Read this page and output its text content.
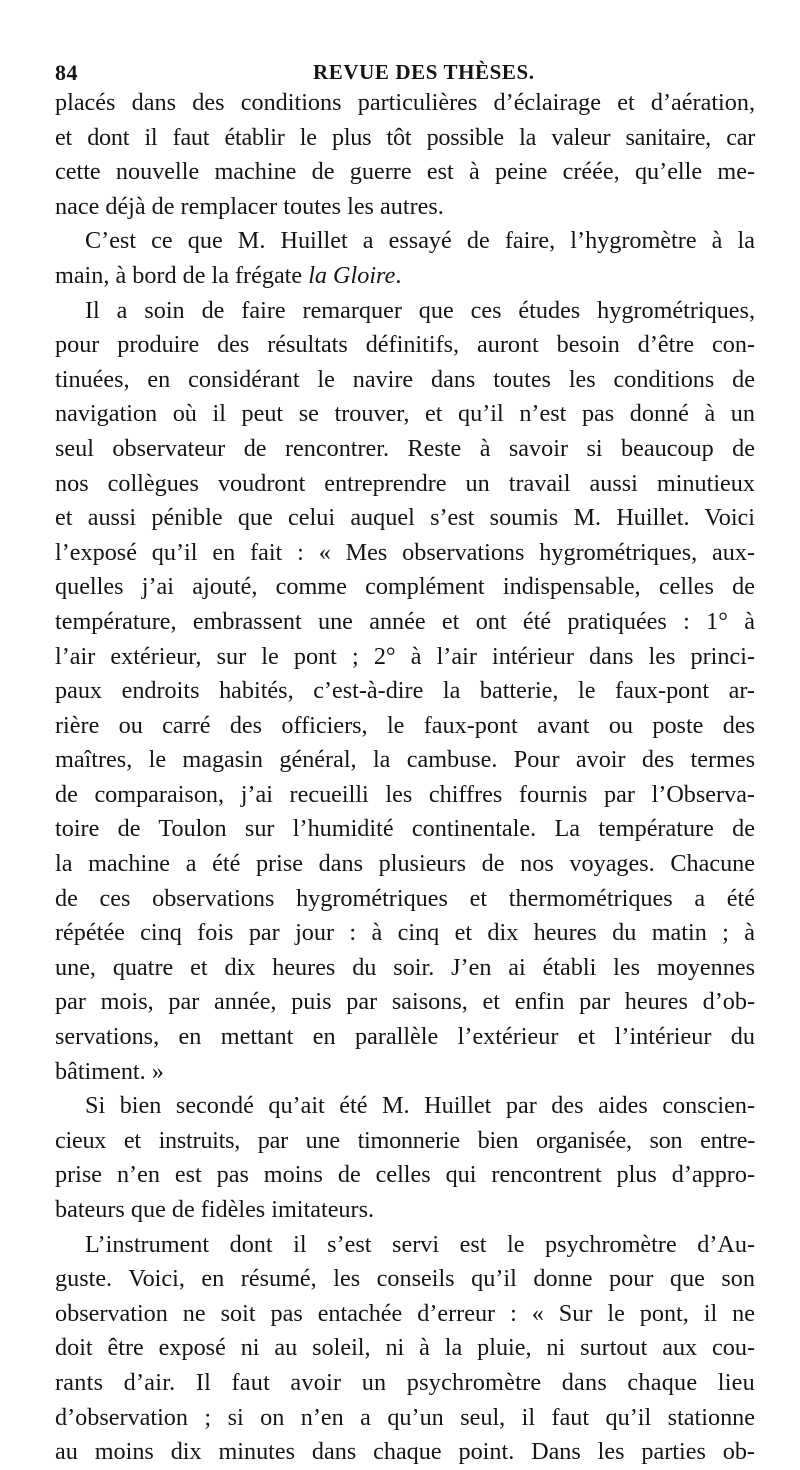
84	REVUE DES THÈSES.
placés dans des conditions particulières d’éclairage et d’aération,
et dont il faut établir le plus tôt possible la valeur sanitaire, car
cette nouvelle machine de guerre est à peine créée, qu’elle me-
nace déjà de remplacer toutes les autres.
C’est ce que M. Huillet a essayé de faire, l’hygromètre à la
main, à bord de la frégate la Gloire.
Il a soin de faire remarquer que ces études hygrométriques,
pour produire des résultats définitifs, auront besoin d’être con-
tinuées, en considérant le navire dans toutes les conditions de
navigation où il peut se trouver, et qu’il n’est pas donné à un
seul observateur de rencontrer. Reste à savoir si beaucoup de
nos collègues voudront entreprendre un travail aussi minutieux
et aussi pénible que celui auquel s’est soumis M. Huillet. Voici
l’exposé qu’il en fait : « Mes observations hygrométriques, aux-
quelles j’ai ajouté, comme complément indispensable, celles de
température, embrassent une année et ont été pratiquées : 1° à
l’air extérieur, sur le pont ; 2° à l’air intérieur dans les princi-
paux endroits habités, c’est-à-dire la batterie, le faux-pont ar-
rière ou carré des officiers, le faux-pont avant ou poste des
maîtres, le magasin général, la cambuse. Pour avoir des termes
de comparaison, j’ai recueilli les chiffres fournis par l’Observa-
toire de Toulon sur l’humidité continentale. La température de
la machine a été prise dans plusieurs de nos voyages. Chacune
de ces observations hygrométriques et thermométriques a été
répétée cinq fois par jour : à cinq et dix heures du matin ; à
une, quatre et dix heures du soir. J’en ai établi les moyennes
par mois, par année, puis par saisons, et enfin par heures d’ob-
servations, en mettant en parallèle l’extérieur et l’intérieur du
bâtiment. »
Si bien secondé qu’ait été M. Huillet par des aides conscien-
cieux et instruits, par une timonnerie bien organisée, son entre-
prise n’en est pas moins de celles qui rencontrent plus d’appro-
bateurs que de fidèles imitateurs.
L’instrument dont il s’est servi est le psychromètre d’Au-
guste. Voici, en résumé, les conseils qu’il donne pour que son
observation ne soit pas entachée d’erreur : « Sur le pont, il ne
doit être exposé ni au soleil, ni à la pluie, ni surtout aux cou-
rants d’air. Il faut avoir un psychromètre dans chaque lieu
d’observation ; si on n’en a qu’un seul, il faut qu’il stationne
au moins dix minutes dans chaque point. Dans les parties ob-
